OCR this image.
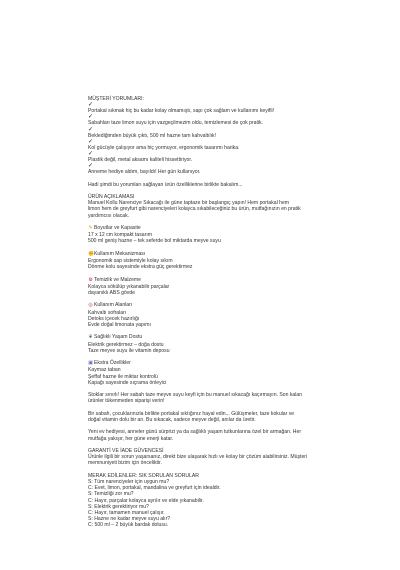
MÜŞTERİ YORUMLARI:
✓
Portakal sıkmak hiç bu kadar kolay olmamıştı, sapı çok sağlam ve kullanımı keyifli!
✓
Sabahları taze limon suyu için vazgeçilmezim oldu, temizlemesi de çok pratik.
✓
Beklediğimden büyük çıktı, 500 ml hazne tam kahvaltılık!
✓
Kol gücüyle çalışıyor ama hiç yormuyor, ergonomik tasarımı harika.
✓
Plastik değil, metal aksamı kaliteli hissettiriyor.
✓
Anneme hediye aldım, bayıldı! Her gün kullanıyor.
Hadi şimdi bu yorumları sağlayan ürün özelliklerine birlikte bakalım...
ÜRÜN AÇIKLAMASI
Manuel Kollu Narenciye Sıkacağı ile güne taptaze bir başlangıç yapın! Hem portakal hem
limon hem de greyfurt gibi narenciyeleri kolayca sıkabileceğiniz bu ürün, mutfağınızın en pratik
yardımcısı olacak.
✎Boyutlar ve Kapasite
17 x 12 cm kompakt tasarım
500 ml geniş hazne – tek seferde bol miktarda meyve suyu
✊Kullanım Mekanizması
Ergonomik sap sistemiyle kolay sıkım
Dönme kolu sayesinde ekstra güç gerektirmez
⚙Temizlik ve Malzeme
Kolayca sökülüp yıkanabilir parçalar
dayanıklı ABS gövde
◎Kullanım Alanları
Kahvaltı sofraları
Detoks içecek hazırlığı
Evde doğal limonata yapımı
❦Sağlıklı Yaşam Dostu
Elektrik gerektirmez – doğa dostu
Taze meyve suyu ile vitamin deposu
▣Ekstra Özellikler
Kaymaz taban
Şeffaf hazne ile miktar kontrolü
Kapağı sayesinde sıçrama önleyici
Stoklar sınırlı! Her sabah taze meyve suyu keyfi için bu manuel sıkacağı kaçırmayın. Son kalan
ürünler tükenmeden siparişi verin!
Bir sabah, çocuklarınızla birlikte portakal sıktığınız hayal edin... Gülüşmeler, taze kokular ve
doğal vitamin dolu bir an. Bu sıkacak, sadece meyve değil, anılar da üretir.
Yeni ev hediyesi, anneler günü sürprizi ya da sağlıklı yaşam tutkunlarına özel bir armağan. Her
mutfağa yakışır, her güne enerji katar.
GARANTİ VE İADE GÜVENCESİ
Ürünle ilgili bir sorun yaşarsanız, direkt bize ulaşarak hızlı ve kolay bir çözüm alabilirsiniz. Müşteri
memnuniyeti bizim için önceliktir.
MERAK EDİLENLER: SIK SORULAN SORULAR
S: Tüm narenciyeler için uygun mu?
C: Evet, limon, portakal, mandalina ve greyfurt için idealdir.
S: Temizliği zor mu?
C: Hayır, parçalar kolayca ayrılır ve elde yıkanabilir.
S: Elektrik gerektiriyor mu?
C: Hayır, tamamen manuel çalışır.
S: Hazne ne kadar meyve suyu alır?
C: 500 ml – 2 büyük bardak dolusu.
